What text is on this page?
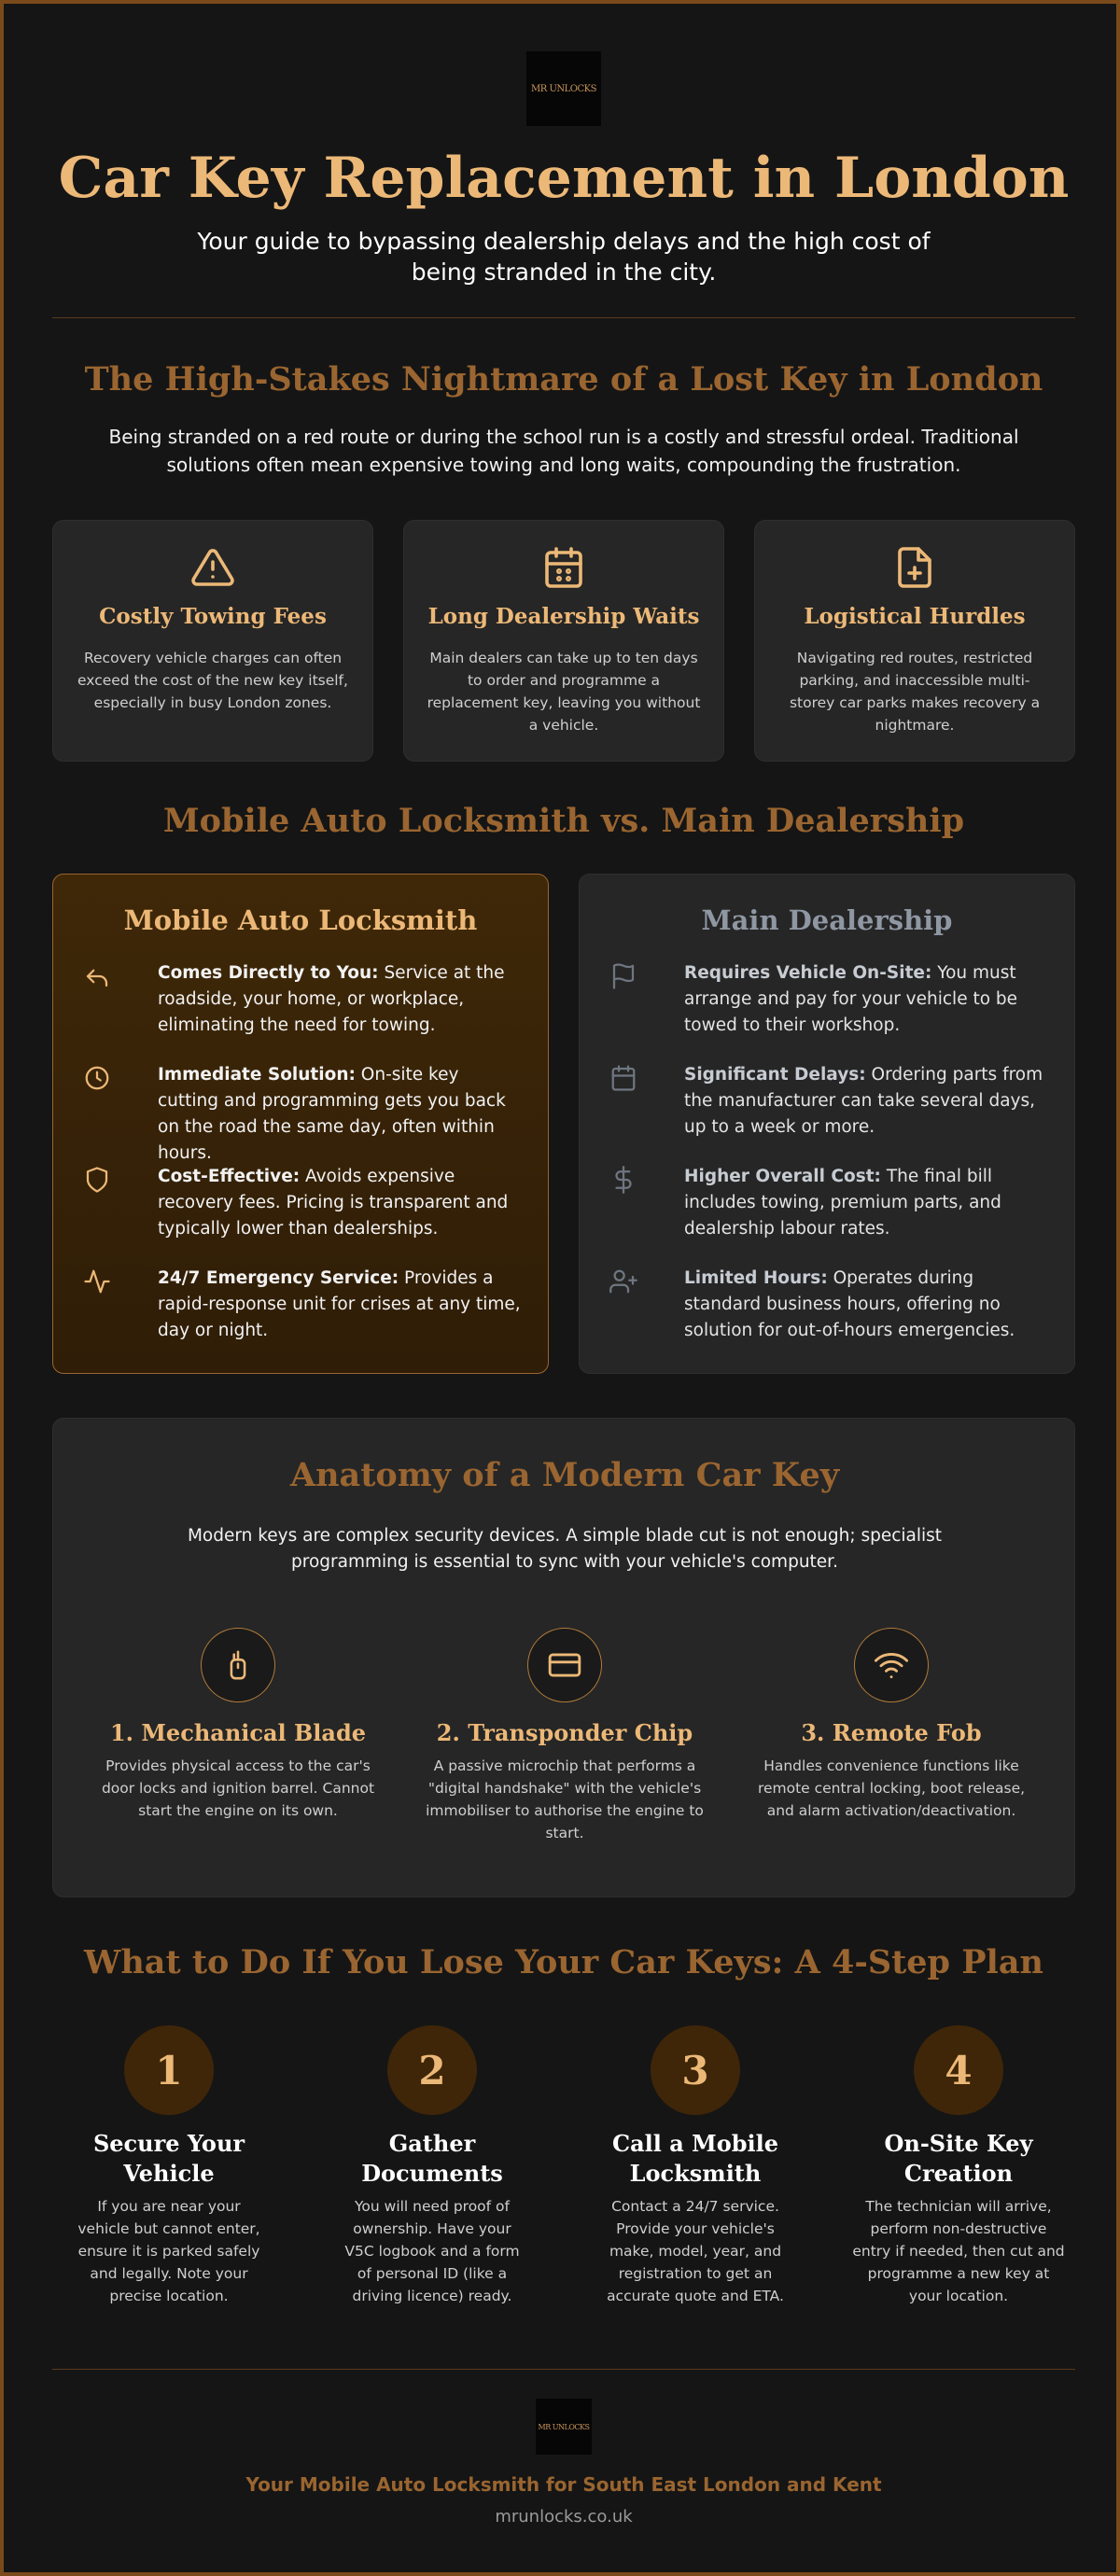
MR UNLOCKS
Car Key Replacement in London
Your guide to bypassing dealership delays and the high cost of being stranded in the city.
The High-Stakes Nightmare of a Lost Key in London
Being stranded on a red route or during the school run is a costly and stressful ordeal. Traditional solutions often mean expensive towing and long waits, compounding the frustration.
Costly Towing Fees

Recovery vehicle charges can often exceed the cost of the new key itself, especially in busy London zones.

Long Dealership Waits

Main dealers can take up to ten days to order and programme a replacement key, leaving you without a vehicle.

Logistical Hurdles

Navigating red routes, restricted parking, and inaccessible multi-storey car parks makes recovery a nightmare.

Mobile Auto Locksmith vs. Main Dealership
Mobile Auto Locksmith

Comes Directly to You: Service at the roadside, your home, or workplace, eliminating the need for towing.

Immediate Solution: On-site key cutting and programming gets you back on the road the same day, often within hours.

Cost-Effective: Avoids expensive recovery fees. Pricing is transparent and typically lower than dealerships.

24/7 Emergency Service: Provides a rapid-response unit for crises at any time, day or night.

Main Dealership

Requires Vehicle On-Site: You must arrange and pay for your vehicle to be towed to their workshop.

Significant Delays: Ordering parts from the manufacturer can take several days, up to a week or more.

Higher Overall Cost: The final bill includes towing, premium parts, and dealership labour rates.

Limited Hours: Operates during standard business hours, offering no solution for out-of-hours emergencies.

Anatomy of a Modern Car Key
Modern keys are complex security devices. A simple blade cut is not enough; specialist programming is essential to sync with your vehicle's computer.
1. Mechanical Blade
Provides physical access to the car's door locks and ignition barrel. Cannot start the engine on its own.
2. Transponder Chip
A passive microchip that performs a "digital handshake" with the vehicle's immobiliser to authorise the engine to start.
3. Remote Fob
Handles convenience functions like remote central locking, boot release, and alarm activation/deactivation.
What to Do If You Lose Your Car Keys: A 4-Step Plan
1
Secure Your Vehicle
If you are near your vehicle but cannot enter, ensure it is parked safely and legally. Note your precise location.
2
Gather Documents
You will need proof of ownership. Have your V5C logbook and a form of personal ID (like a driving licence) ready.
3
Call a Mobile Locksmith
Contact a 24/7 service. Provide your vehicle's make, model, year, and registration to get an accurate quote and ETA.
4
On-Site Key Creation
The technician will arrive, perform non-destructive entry if needed, then cut and programme a new key at your location.
MR UNLOCKS
Your Mobile Auto Locksmith for South East London and Kent
mrunlocks.co.uk
